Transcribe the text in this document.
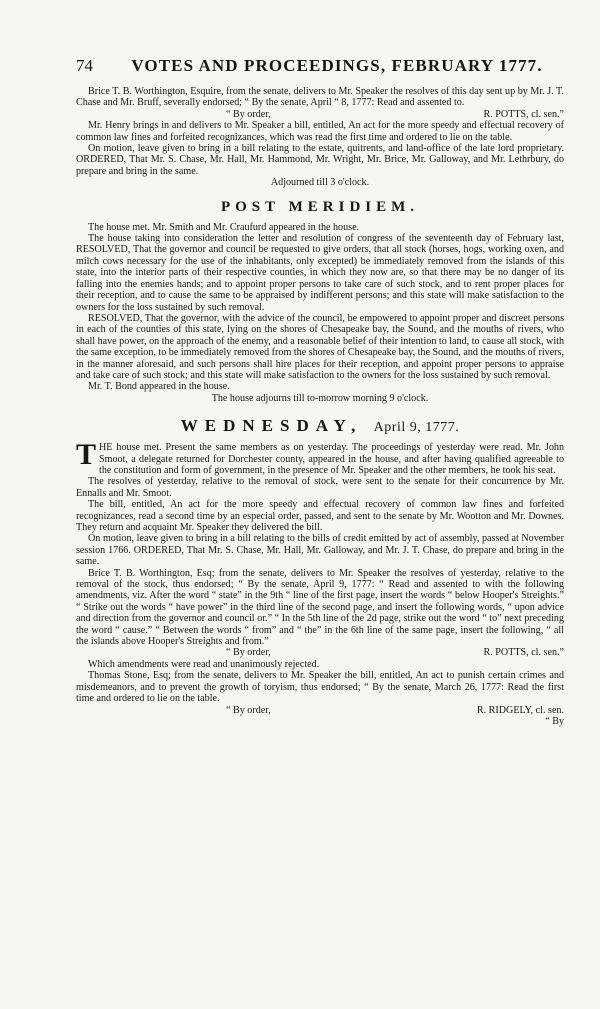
74	VOTES AND PROCEEDINGS, FEBRUARY 1777.

Brice T. B. Worthington, Esquire, from the senate, delivers to Mr. Speaker the resolves of this day sent up by Mr. J. T. Chase and Mr. Bruff, severally endorsed; “ By the senate, April “ 8, 1777: Read and assented to.

“ By order,	R. POTTS, cl. sen.”

Mr. Henry brings in and delivers to Mr. Speaker a bill, entitled, An act for the more speedy and effectual recovery of common law fines and forfeited recognizances, which was read the first time and ordered to lie on the table.

On motion, leave given to bring in a bill relating to the estate, quitrents, and land-office of the late lord proprietary. ORDERED, That Mr. S. Chase, Mr. Hall, Mr. Hammond, Mr. Wright, Mr. Brice, Mr. Galloway, and Mr. Lethrbury, do prepare and bring in the same.

Adjourned till 3 o'clock.

POST MERIDIEM.

The house met. Mr. Smith and Mr. Craufurd appeared in the house.

The house taking into consideration the letter and resolution of congress of the seventeenth day of February last, RESOLVED, That the governor and council be requested to give orders, that all stock (horses, hogs, working oxen, and milch cows necessary for the use of the inhabitants, only excepted) be immediately removed from the islands of this state, into the interior parts of their respective counties, in which they now are, so that there may be no danger of its falling into the enemies hands; and to appoint proper persons to take care of such stock, and to rent proper places for their reception, and to cause the same to be appraised by indifferent persons; and this state will make satisfaction to the owners for the loss sustained by such removal.

RESOLVED, That the governor, with the advice of the council, be empowered to appoint proper and discreet persons in each of the counties of this state, lying on the shores of Chesapeake bay, the Sound, and the mouths of rivers, who shall have power, on the approach of the enemy, and a reasonable belief of their intention to land, to cause all stock, with the same exception, to be immediately removed from the shores of Chesapeake bay, the Sound, and the mouths of rivers, in the manner aforesaid, and such persons shall hire places for their reception, and appoint proper persons to appraise and take care of such stock; and this state will make satisfaction to the owners for the loss sustained by such removal.

Mr. T. Bond appeared in the house.

The house adjourns till to-morrow morning 9 o'clock.

WEDNESDAY, April 9, 1777.

T HE house met. Present the same members as on yesterday. The proceedings of yesterday were read. Mr. John Smoot, a delegate returned for Dorchester county, appeared in the house, and after having qualified agreeable to the constitution and form of government, in the presence of Mr. Speaker and the other members, he took his seat.

The resolves of yesterday, relative to the removal of stock, were sent to the senate for their concurrence by Mr. Ennalls and Mr. Smoot.

The bill, entitled, An act for the more speedy and effectual recovery of common law fines and forfeited recognizances, read a second time by an especial order, passed, and sent to the senate by Mr. Wootton and Mr. Downes. They return and acquaint Mr. Speaker they delivered the bill.

On motion, leave given to bring in a bill relating to the bills of credit emitted by act of assembly, passed at November session 1766. ORDERED, That Mr. S. Chase, Mr. Hall, Mr. Galloway, and Mr. J. T. Chase, do prepare and bring in the same.

Brice T. B. Worthington, Esq; from the senate, delivers to Mr. Speaker the resolves of yesterday, relative to the removal of the stock, thus endorsed; “ By the senate, April 9, 1777: “ Read and assented to with the following amendments, viz. After the word “ state” in the 9th “ line of the first page, insert the words “ below Hooper's Streights.” “ Strike out the words “ have power” in the third line of the second page, and insert the following words, “ upon advice and direction from the governor and council or.” “ In the 5th line of the 2d page, strike out the word “ to” next preceding the word “ cause.” “ Between the words “ from” and “ the” in the 6th line of the same page, insert the following, “ all the islands above Hooper's Streights and from.”

“ By order,	R. POTTS, cl. sen.”

Which amendments were read and unanimously rejected.

Thomas Stone, Esq; from the senate, delivers to Mr. Speaker the bill, entitled, An act to punish certain crimes and misdemeanors, and to prevent the growth of toryism, thus endorsed; “ By the senate, March 26, 1777: Read the first time and ordered to lie on the table.

“ By order,	R. RIDGELY, cl. sen.
“ By
